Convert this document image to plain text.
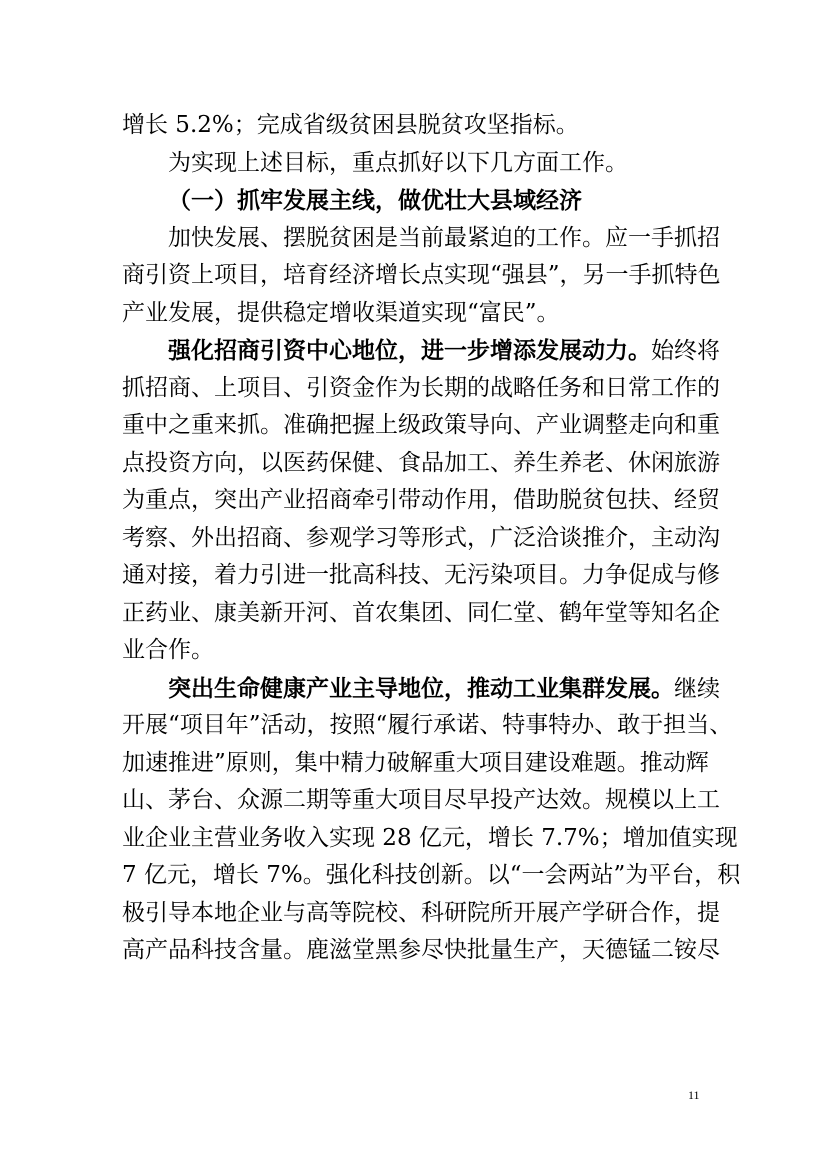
增长 5.2%；完成省级贫困县脱贫攻坚指标。
为实现上述目标，重点抓好以下几方面工作。
（一）抓牢发展主线，做优壮大县域经济
加快发展、摆脱贫困是当前最紧迫的工作。应一手抓招
商引资上项目，培育经济增长点实现“强县”，另一手抓特色
产业发展，提供稳定增收渠道实现“富民”。
强化招商引资中心地位，进一步增添发展动力。始终将
抓招商、上项目、引资金作为长期的战略任务和日常工作的
重中之重来抓。准确把握上级政策导向、产业调整走向和重
点投资方向，以医药保健、食品加工、养生养老、休闲旅游
为重点，突出产业招商牵引带动作用，借助脱贫包扶、经贸
考察、外出招商、参观学习等形式，广泛洽谈推介，主动沟
通对接，着力引进一批高科技、无污染项目。力争促成与修
正药业、康美新开河、首农集团、同仁堂、鹤年堂等知名企
业合作。
突出生命健康产业主导地位，推动工业集群发展。继续
开展“项目年”活动，按照“履行承诺、特事特办、敢于担当、
加速推进”原则，集中精力破解重大项目建设难题。推动辉
山、茅台、众源二期等重大项目尽早投产达效。规模以上工
业企业主营业务收入实现 28 亿元，增长 7.7%；增加值实现
7 亿元，增长 7%。强化科技创新。以“一会两站”为平台，积
极引导本地企业与高等院校、科研院所开展产学研合作，提
高产品科技含量。鹿滋堂黑参尽快批量生产，天德锰二铵尽
11
